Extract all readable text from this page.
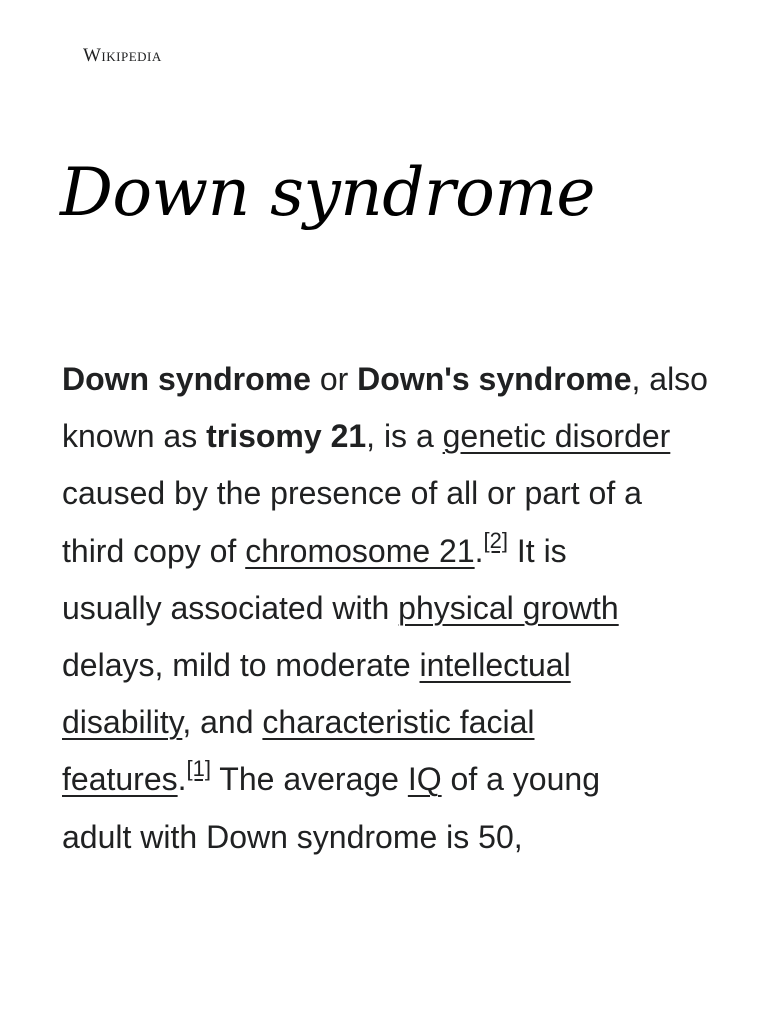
Wikipedia
Down syndrome

Down syndrome or Down's syndrome, also
known as trisomy 21, is a genetic disorder
caused by the presence of all or part of a
third copy of chromosome 21.[2] It is
usually associated with physical growth
delays, mild to moderate intellectual
disability, and characteristic facial
features.[1] The average IQ of a young
adult with Down syndrome is 50,
